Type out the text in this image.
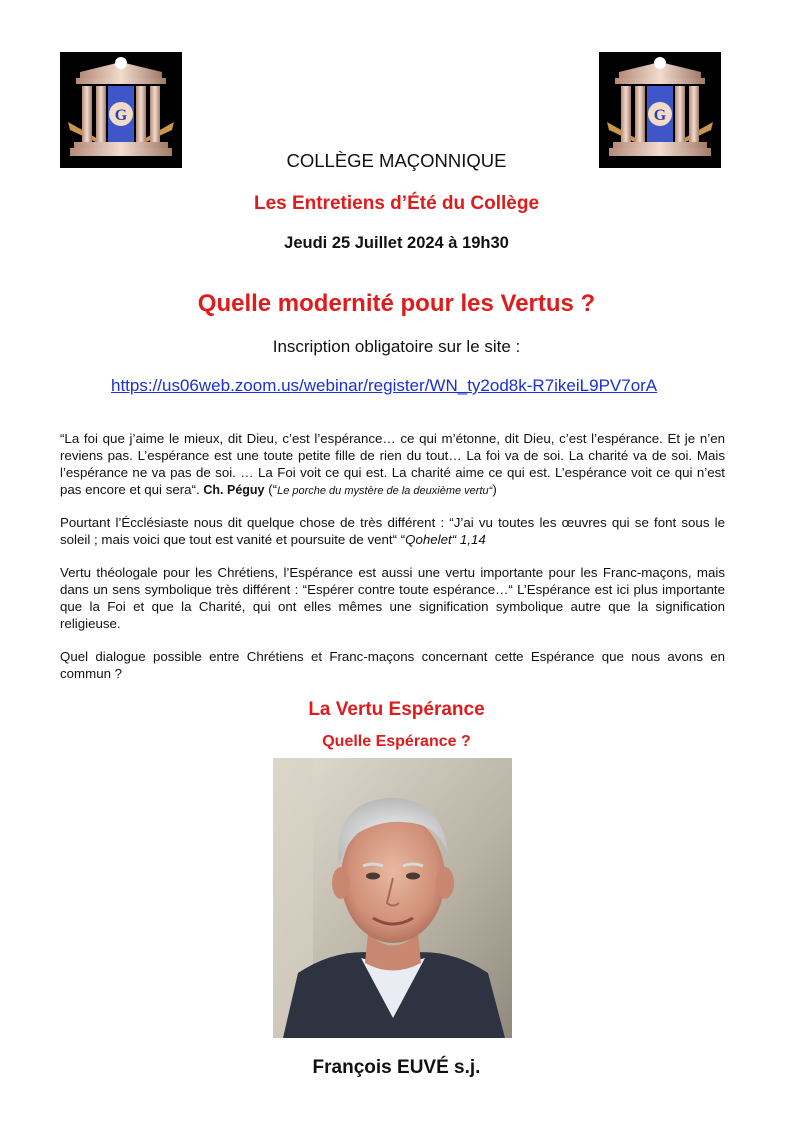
G	G
COLLÈGE MAÇONNIQUE
Les Entretiens d’Été du Collège
Jeudi 25 Juillet 2024 à 19h30
Quelle modernité pour les Vertus ?
Inscription obligatoire sur le site :
https://us06web.zoom.us/webinar/register/WN_ty2od8k-R7ikeiL9PV7orA

“La foi que j’aime le mieux, dit Dieu, c’est l’espérance… ce qui m’étonne, dit Dieu, c’est l’espérance. Et je n’en reviens pas. L’espérance est une toute petite fille de rien du tout… La foi va de soi. La charité va de soi. Mais l’espérance ne va pas de soi. … La Foi voit ce qui est. La charité aime ce qui est. L’espérance voit ce qui n’est pas encore et qui sera“. Ch. Péguy (“Le porche du mystère de la deuxième vertu“)

Pourtant l’Écclésiaste nous dit quelque chose de très différent : “J’ai vu toutes les œuvres qui se font sous le soleil ; mais voici que tout est vanité et poursuite de vent“ “Qohelet“ 1,14

Vertu théologale pour les Chrétiens, l’Espérance est aussi une vertu importante pour les Franc-maçons, mais dans un sens symbolique très différent : “Espérer contre toute espérance…“ L’Espérance est ici plus importante que la Foi et que la Charité, qui ont elles mêmes une signification symbolique autre que la signification religieuse.

Quel dialogue possible entre Chrétiens et Franc-maçons concernant cette Espérance que nous avons en commun ?

La Vertu Espérance
Quelle Espérance ?
François EUVÉ s.j.
